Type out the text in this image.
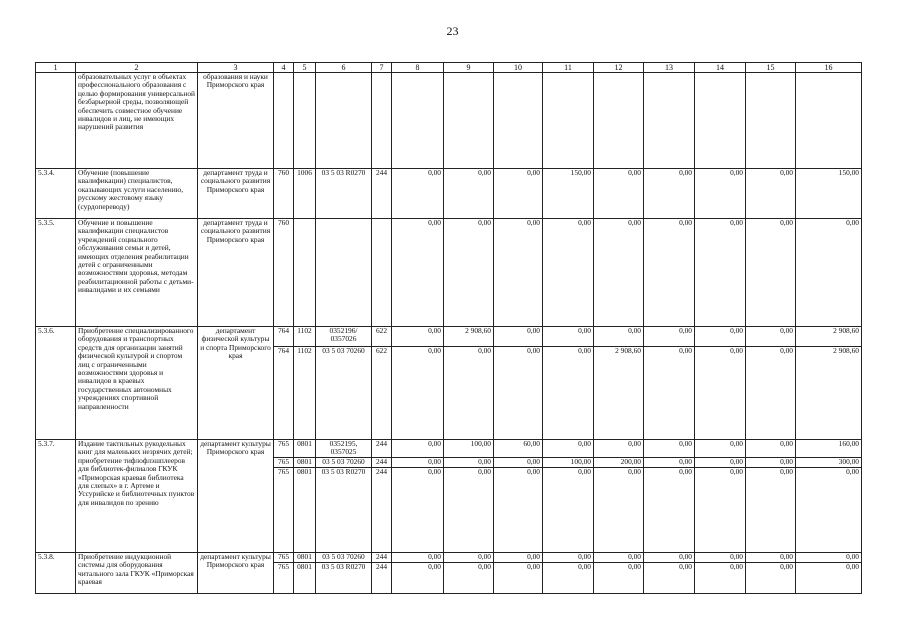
23
1	2	3	4	5	6	7	8	9	10	11	12	13	14	15	16
	образовательных услуг в объектах профессионального образования с целью формирования универсальной безбарьерной среды, позволяющей обеспечить совместное обучение инвалидов и лиц, не имеющих нарушений развития	образования и науки Приморского края													
5.3.4.	Обучение (повышение квалификации) специалистов, оказывающих услуги населению, русскому жестовому языку (сурдопереводу)	департамент труда и социального развития Приморского края	760	1006	03 5 03 R0270	244	0,00	0,00	0,00	150,00	0,00	0,00	0,00	0,00	150,00
5.3.5.	Обучение и повышение квалификации специалистов учреждений социального обслуживания семьи и детей, имеющих отделения реабилитации детей с ограниченными возможностями здоровья, методам реабилитационной работы с детьми-инвалидами и их семьями	департамент труда и социального развития Приморского края	760				0,00	0,00	0,00	0,00	0,00	0,00	0,00	0,00	0,00
5.3.6.	Приобретение специализированного оборудования и транспортных средств для организации занятий физической культурой и спортом лиц с ограниченными возможностями здоровья и инвалидов в краевых государственных автономных учреждениях спортивной направленности	департамент физической культуры и спорта Приморского края	764	1102	0352196/ 0357026	622	0,00	2 908,60	0,00	0,00	0,00	0,00	0,00	0,00	2 908,60
			764	1102	03 5 03 70260	622	0,00	0,00	0,00	0,00	2 908,60	0,00	0,00	0,00	2 908,60
5.3.7.	Издание тактильных рукодельных книг для маленьких незрячих детей; приобретение тифлофлэшплееров для библиотек-филиалов ГКУК «Приморская краевая библиотека для слепых» в г. Артеме и Уссурийске и библиотечных пунктов для инвалидов по зрению	департамент культуры Приморского края	765	0801	0352195, 0357025	244	0,00	100,00	60,00	0,00	0,00	0,00	0,00	0,00	160,00
			765	0801	03 5 03 70260	244	0,00	0,00	0,00	100,00	200,00	0,00	0,00	0,00	300,00
			765	0801	03 5 03 R0270	244	0,00	0,00	0,00	0,00	0,00	0,00	0,00	0,00	0,00
5.3.8.	Приобретение индукционной системы для оборудования читального зала ГКУК «Приморская краевая	департамент культуры Приморского края	765	0801	03 5 03 70260	244	0,00	0,00	0,00	0,00	0,00	0,00	0,00	0,00	0,00
			765	0801	03 5 03 R0270	244	0,00	0,00	0,00	0,00	0,00	0,00	0,00	0,00	0,00
